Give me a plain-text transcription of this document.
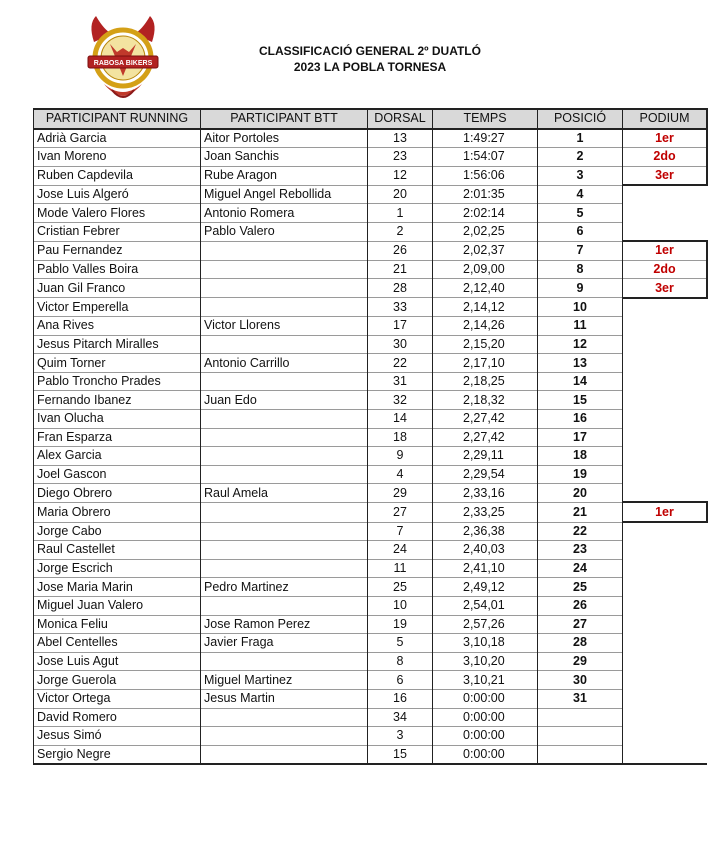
RABOSA BIKERS
CLASSIFICACIÓ GENERAL 2º DUATLÓ
2023 LA POBLA TORNESA
PARTICIPANT RUNNING	PARTICIPANT BTT	DORSAL	TEMPS	POSICIÓ	PODIUM
Adrià Garcia	Aitor Portoles	13	1:49:27	1	1er
Ivan Moreno	Joan Sanchis	23	1:54:07	2	2do
Ruben Capdevila	Rube Aragon	12	1:56:06	3	3er
Jose Luis Algeró	Miguel Angel Rebollida	20	2:01:35	4	
Mode Valero Flores	Antonio Romera	1	2:02:14	5	
Cristian Febrer	Pablo Valero	2	2,02,25	6	
Pau Fernandez		26	2,02,37	7	1er
Pablo Valles Boira		21	2,09,00	8	2do
Juan Gil Franco		28	2,12,40	9	3er
Victor Emperella		33	2,14,12	10	
Ana Rives	Victor Llorens	17	2,14,26	11	
Jesus Pitarch Miralles		30	2,15,20	12	
Quim Torner	Antonio Carrillo	22	2,17,10	13	
Pablo Troncho Prades		31	2,18,25	14	
Fernando Ibanez	Juan Edo	32	2,18,32	15	
Ivan Olucha		14	2,27,42	16	
Fran Esparza		18	2,27,42	17	
Alex Garcia		9	2,29,11	18	
Joel Gascon		4	2,29,54	19	
Diego Obrero	Raul Amela	29	2,33,16	20	
Maria Obrero		27	2,33,25	21	1er
Jorge Cabo		7	2,36,38	22	
Raul Castellet		24	2,40,03	23	
Jorge Escrich		11	2,41,10	24	
Jose Maria Marin	Pedro Martinez	25	2,49,12	25	
Miguel Juan Valero		10	2,54,01	26	
Monica Feliu	Jose Ramon Perez	19	2,57,26	27	
Abel Centelles	Javier Fraga	5	3,10,18	28	
Jose Luis Agut		8	3,10,20	29	
Jorge Guerola	Miguel Martinez	6	3,10,21	30	
Victor Ortega	Jesus Martin	16	0:00:00	31	
David Romero		34	0:00:00		
Jesus Simó		3	0:00:00		
Sergio Negre		15	0:00:00		
